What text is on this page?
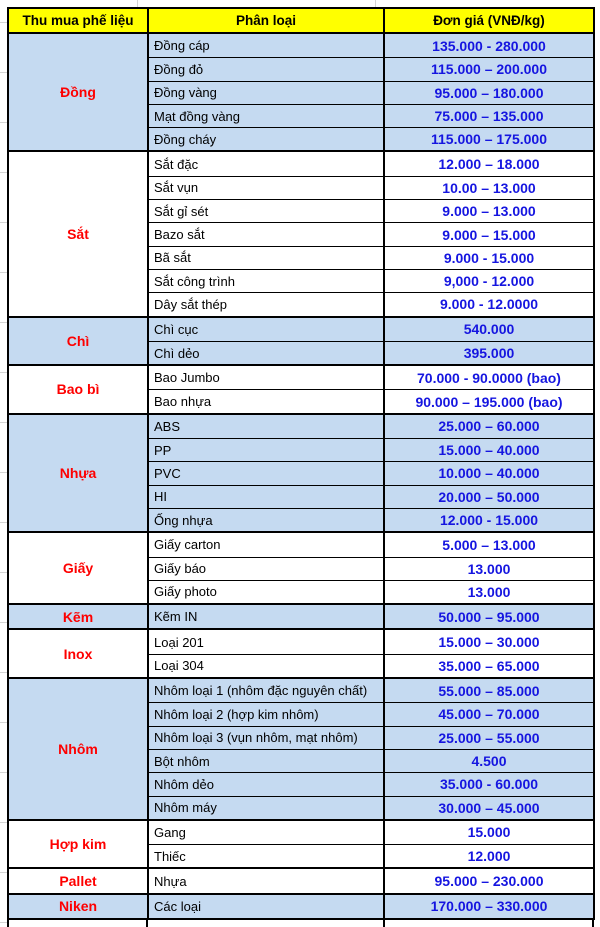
Thu mua phế liệu	Phân loại	Đơn giá (VNĐ/kg)
Đồng
Đồng cáp	135.000 - 280.000
Đồng đỏ	115.000 – 200.000
Đồng vàng	95.000 – 180.000
Mạt đồng vàng	75.000 – 135.000
Đồng cháy	115.000 – 175.000
Sắt
Sắt đặc	12.000 – 18.000
Sắt vụn	10.00 – 13.000
Sắt gỉ sét	9.000 – 13.000
Bazo sắt	9.000 – 15.000
Bã sắt	9.000 - 15.000
Sắt công trình	9,000 - 12.000
Dây sắt thép	9.000 - 12.0000
Chì
Chì cục	540.000
Chì dẻo	395.000
Bao bì
Bao Jumbo	70.000 - 90.0000 (bao)
Bao nhựa	90.000 – 195.000 (bao)
Nhựa
ABS	25.000 – 60.000
PP	15.000 – 40.000
PVC	10.000 – 40.000
HI	20.000 – 50.000
Ống nhựa	12.000 - 15.000
Giấy
Giấy carton	5.000 – 13.000
Giấy báo	13.000
Giấy photo	13.000
Kẽm	Kẽm IN	50.000 – 95.000
Inox
Loại 201	15.000 – 30.000
Loại 304	35.000 – 65.000
Nhôm
Nhôm loại 1 (nhôm đặc nguyên chất)	55.000 – 85.000
Nhôm loại 2 (hợp kim nhôm)	45.000 – 70.000
Nhôm loại 3 (vụn nhôm, mạt nhôm)	25.000 – 55.000
Bột nhôm	4.500
Nhôm dẻo	35.000 - 60.000
Nhôm máy	30.000 – 45.000
Hợp kim
Gang	15.000
Thiếc	12.000
Pallet	Nhựa	95.000 – 230.000
Niken	Các loại	170.000 – 330.000
